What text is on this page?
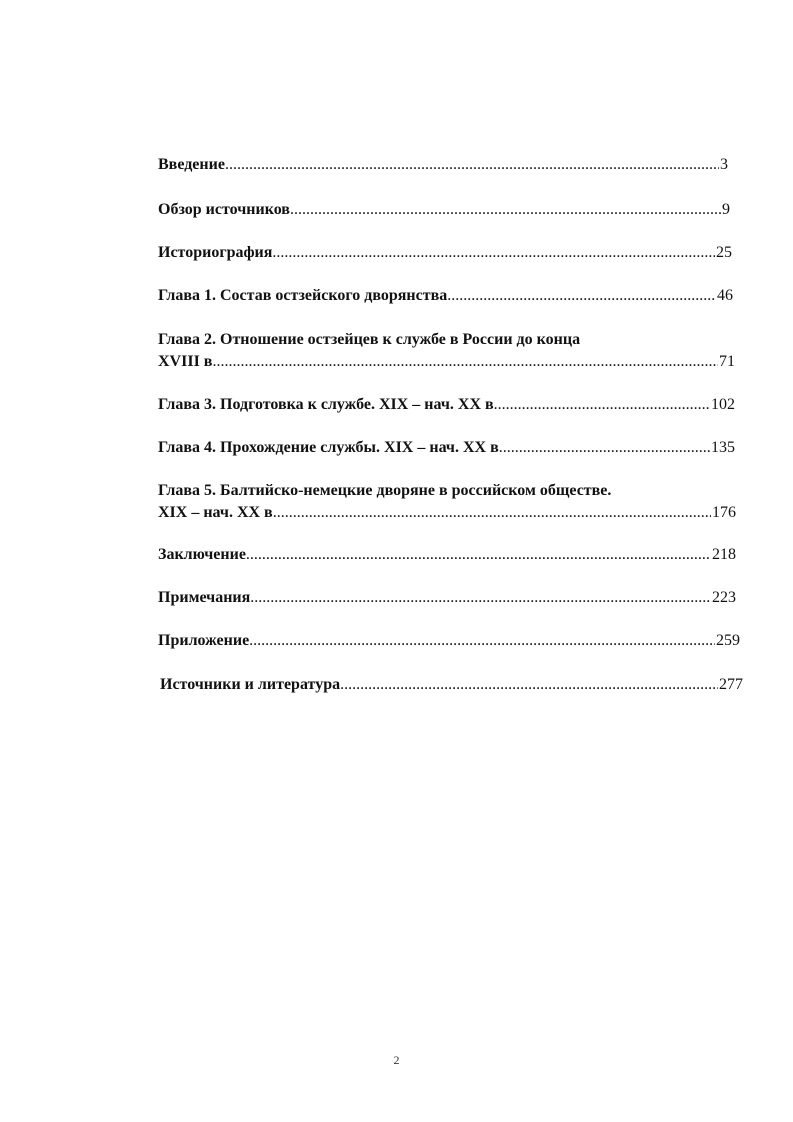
Введение .....	3
Обзор источников .....	9
Историография .....	25
Глава 1. Состав остзейского дворянства .....	46
Глава 2. Отношение остзейцев к службе в России до конца
XVIII в .....	71
Глава 3. Подготовка к службе. XIX – нач. XX в .....	102
Глава 4. Прохождение службы. XIX – нач. XX в .....	135
Глава 5. Балтийско-немецкие дворяне в российском обществе.
XIX – нач. XX в .....	176
Заключение .....	218
Примечания .....	223
Приложение .....	259
Источники и литература .....	277
2
